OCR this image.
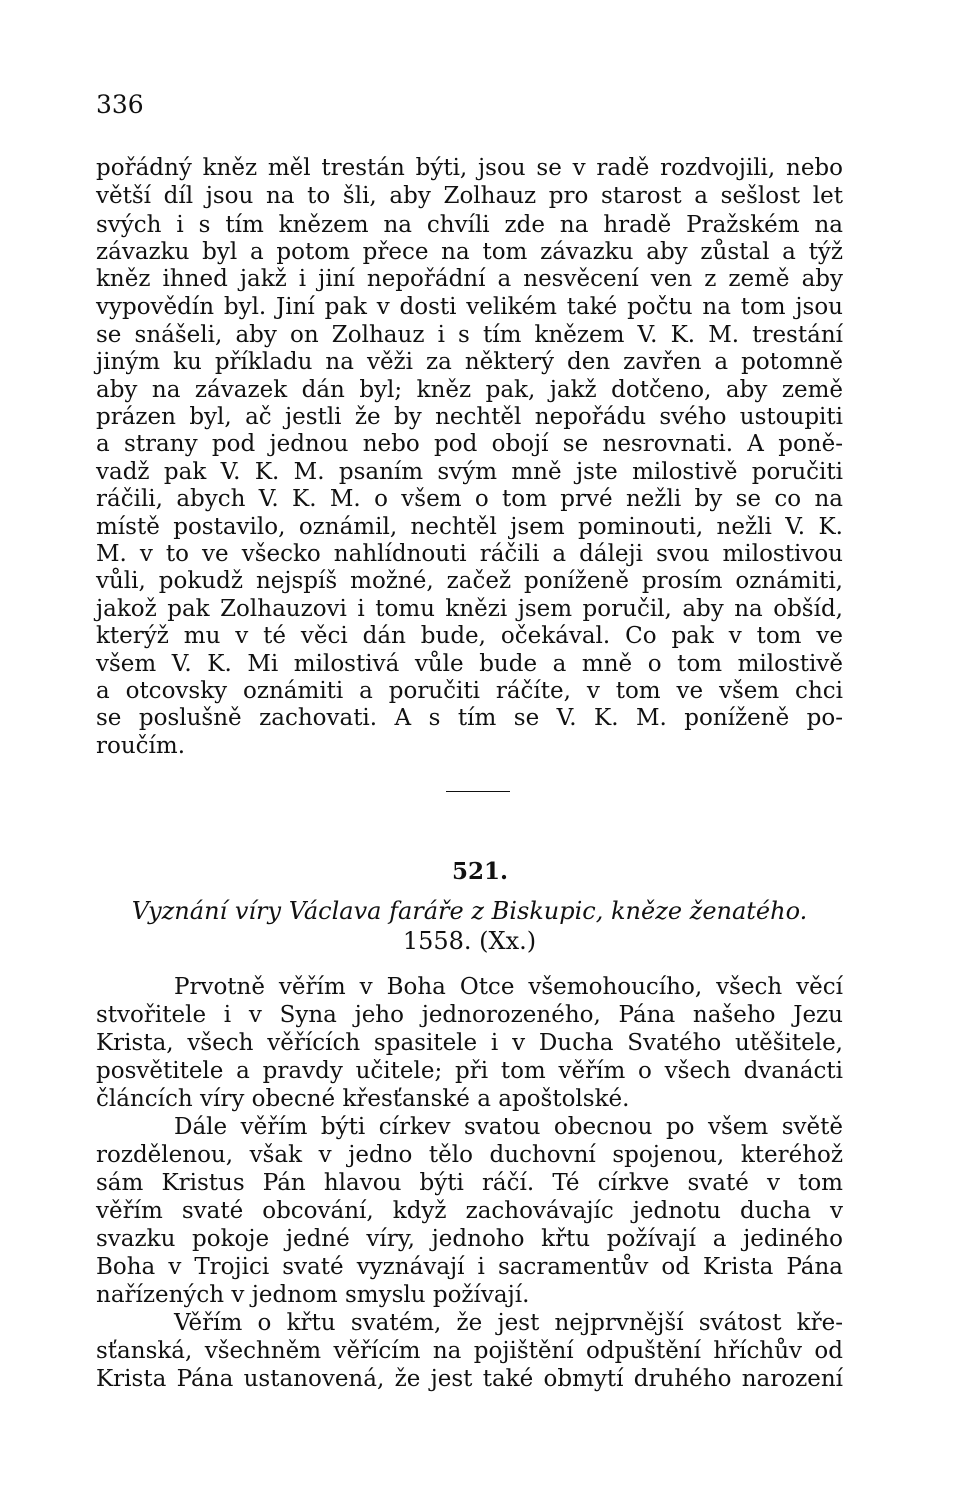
336
pořádný kněz měl trestán býti, jsou se v radě rozdvojili, nebo
větší díl jsou na to šli, aby Zolhauz pro starost a sešlost let
svých i s tím knězem na chvíli zde na hradě Pražském na
závazku byl a potom přece na tom závazku aby zůstal a týž
kněz ihned jakž i jiní nepořádní a nesvěcení ven z země aby
vypovědín byl. Jiní pak v dosti velikém také počtu na tom jsou
se snášeli, aby on Zolhauz i s tím knězem V. K. M. trestání
jiným ku příkladu na věži za některý den zavřen a potomně
aby na závazek dán byl; kněz pak, jakž dotčeno, aby země
prázen byl, ač jestli že by nechtěl nepořádu svého ustoupiti
a strany pod jednou nebo pod obojí se nesrovnati. A poně-
vadž pak V. K. M. psaním svým mně jste milostivě poručiti
ráčili, abych V. K. M. o všem o tom prvé nežli by se co na
místě postavilo, oznámil, nechtěl jsem pominouti, nežli V. K.
M. v to ve všecko nahlídnouti ráčili a dáleji svou milostivou
vůli, pokudž nejspíš možné, začež poníženě prosím oznámiti,
jakož pak Zolhauzovi i tomu knězi jsem poručil, aby na obšíd,
kterýž mu v té věci dán bude, očekával. Co pak v tom ve
všem V. K. Mi milostivá vůle bude a mně o tom milostivě
a otcovsky oznámiti a poručiti ráčíte, v tom ve všem chci
se poslušně zachovati. A s tím se V. K. M. poníženě po-
roučím.
521.
Vyznání víry Václava faráře z Biskupic, kněze ženatého.
1558. (Xx.)
Prvotně věřím v Boha Otce všemohoucího, všech věcí
stvořitele i v Syna jeho jednorozeného, Pána našeho Jezu
Krista, všech věřících spasitele i v Ducha Svatého utěšitele,
posvětitele a pravdy učitele; při tom věřím o všech dvanácti
článcích víry obecné křesťanské a apoštolské.
Dále věřím býti církev svatou obecnou po všem světě
rozdělenou, však v jedno tělo duchovní spojenou, kteréhož
sám Kristus Pán hlavou býti ráčí. Té církve svaté v tom
věřím svaté obcování, když zachovávajíc jednotu ducha v
svazku pokoje jedné víry, jednoho křtu požívají a jediného
Boha v Trojici svaté vyznávají i sacramentův od Krista Pána
nařízených v jednom smyslu požívají.
Věřím o křtu svatém, že jest nejprvnější svátost kře-
sťanská, všechněm věřícím na pojištění odpuštění hříchův od
Krista Pána ustanovená, že jest také obmytí druhého narození
